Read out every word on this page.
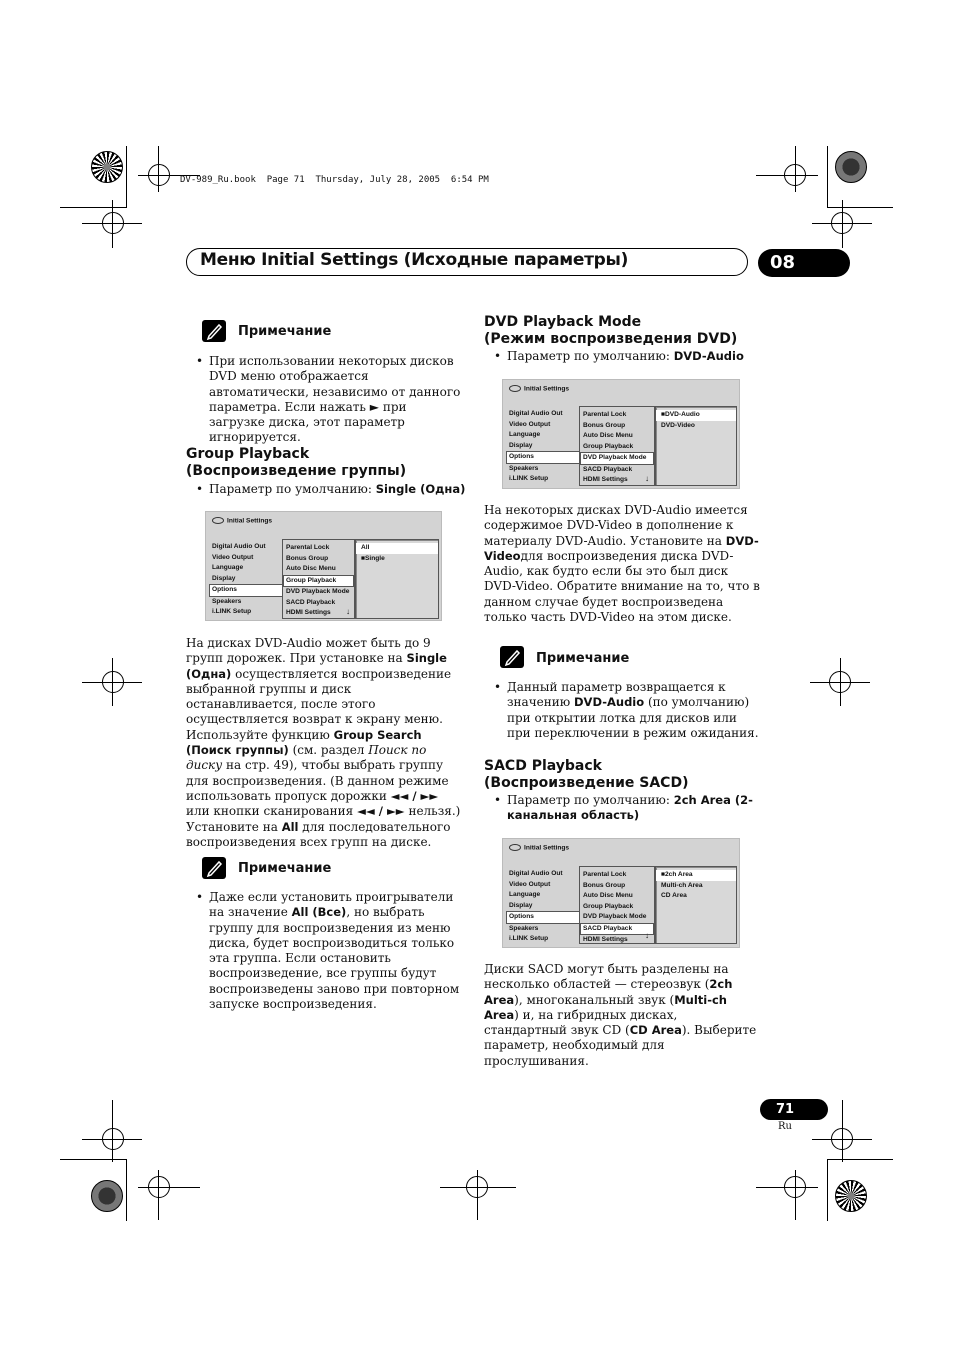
DV-989_Ru.book  Page 71  Thursday, July 28, 2005  6:54 PM
Меню Initial Settings (Исходные параметры)	08
Примечание
• При использовании некоторых дисков DVD меню отображается автоматически, независимо от данного параметра. Если нажать ► при загрузке диска, этот параметр игнорируется.
Group Playback
(Воспроизведение группы)
• Параметр по умолчанию: Single (Одна)
Initial Settings
Digital Audio Out
Video Output
Language
Display
Options
Speakers
i.LINK Setup
Parental Lock
Bonus Group
Auto Disc Menu
Group Playback
DVD Playback Mode
SACD Playback
HDMI Settings	↓
All
■Single
На дисках DVD-Audio может быть до 9 групп дорожек. При установке на Single (Одна) осуществляется воспроизведение выбранной группы и диск останавливается, после этого осуществляется возврат к экрану меню. Используйте функцию Group Search (Поиск группы) (см. раздел Поиск по диску на стр. 49), чтобы выбрать группу для воспроизведения. (В данном режиме использовать пропуск дорожки ◄◄ / ►► или кнопки сканирования ◄◄ / ►► нельзя.) Установите на All для последовательного воспроизведения всех групп на диске.
Примечание
• Даже если установить проигрыватели на значение All (Все), но выбрать группу для воспроизведения из меню диска, будет воспроизводиться только эта группа. Если остановить воспроизведение, все группы будут воспроизведены заново при повторном запуске воспроизведения.
DVD Playback Mode
(Режим воспроизведения DVD)
• Параметр по умолчанию: DVD-Audio
Initial Settings
Digital Audio Out
Video Output
Language
Display
Options
Speakers
i.LINK Setup
Parental Lock
Bonus Group
Auto Disc Menu
Group Playback
DVD Playback Mode
SACD Playback
HDMI Settings	↓
■DVD-Audio
DVD-Video
На некоторых дисках DVD-Audio имеется содержимое DVD-Video в дополнение к материалу DVD-Audio. Установите на DVD-Videoдля воспроизведения диска DVD-Audio, как будто если бы это был диск DVD-Video. Обратите внимание на то, что в данном случае будет воспроизведена только часть DVD-Video на этом диске.
Примечание
• Данный параметр возвращается к значению DVD-Audio (по умолчанию) при открытии лотка для дисков или при переключении в режим ожидания.
SACD Playback
(Воспроизведение SACD)
• Параметр по умолчанию: 2ch Area (2-канальная область)
Initial Settings
Digital Audio Out
Video Output
Language
Display
Options
Speakers
i.LINK Setup
Parental Lock
Bonus Group
Auto Disc Menu
Group Playback
DVD Playback Mode
SACD Playback
HDMI Settings	↓
■2ch Area
Multi-ch Area
CD Area
Диски SACD могут быть разделены на несколько областей — стереозвук (2ch Area), многоканальный звук (Multi-ch Area) и, на гибридных дисках, стандартный звук CD (CD Area). Выберите параметр, необходимый для прослушивания.
71
Ru
